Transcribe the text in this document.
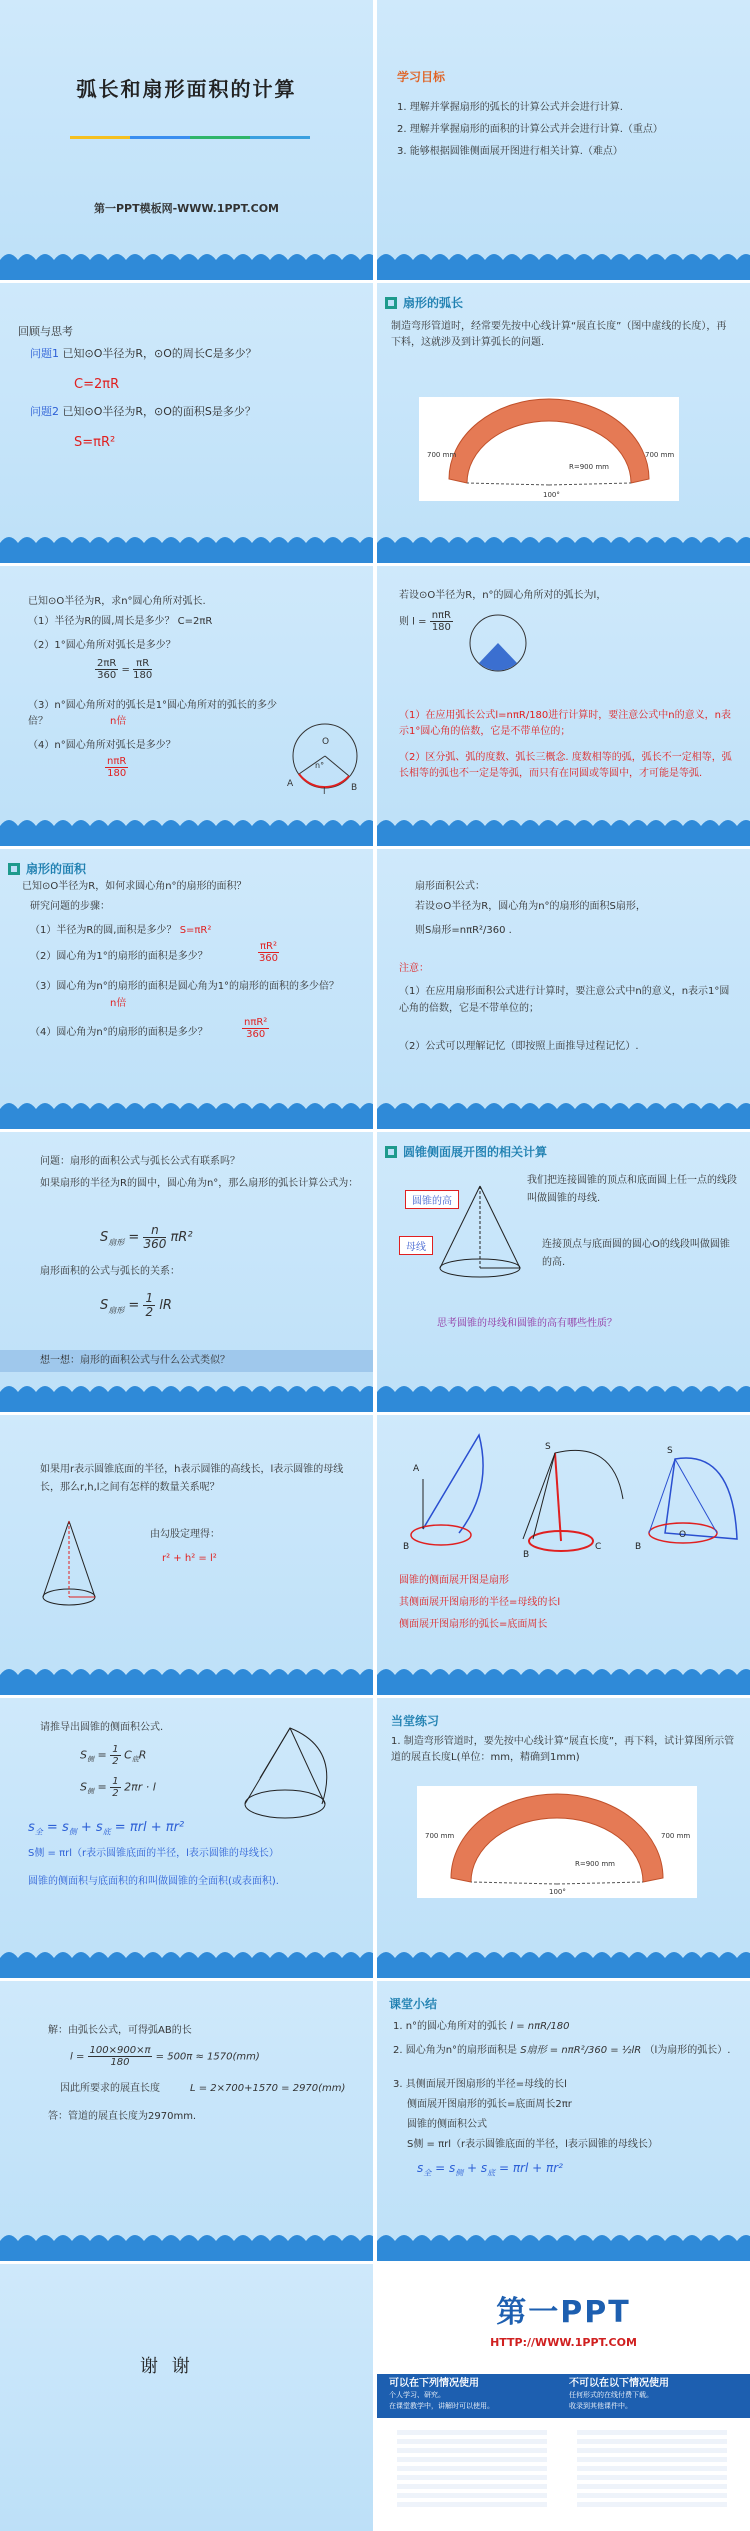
弧长和扇形面积的计算
第一PPT模板网-WWW.1PPT.COM
学习目标
1. 理解并掌握扇形的弧长的计算公式并会进行计算.
2. 理解并掌握扇形的面积的计算公式并会进行计算.（重点）
3. 能够根据圆锥侧面展开图进行相关计算.（难点）
回顾与思考
问题1 已知⊙O半径为R，⊙O的周长C是多少？
C=2πR
问题2 已知⊙O半径为R，⊙O的面积S是多少？
S=πR²
扇形的弧长
制造弯形管道时，经常要先按中心线计算“展直长度”（图中虚线的长度），再下料，这就涉及到计算弧长的问题.
700 mm	700 mm
R=900 mm
100°
已知⊙O半径为R，求n°圆心角所对弧长.
（1）半径为R的圆,周长是多少？ C=2πR
（2）1°圆心角所对弧长是多少？
$\frac{2\pi R}{360} = \frac{\pi R}{180}$
（3）n°圆心角所对的弧长是1°圆心角所对的弧长的多少倍？	n倍
（4）n°圆心角所对弧长是多少？
$\frac{\text{nπR}}{180}$
O
n°
A	B
l
若设⊙O半径为R，n°的圆心角所对的弧长为l，
则 $l = \frac{\text{nπR}}{180}$
（1）在应用弧长公式l=nπR/180进行计算时，要注意公式中n的意义，n表示1°圆心角的倍数，它是不带单位的；
（2）区分弧、弧的度数、弧长三概念. 度数相等的弧，弧长不一定相等，弧长相等的弧也不一定是等弧，而只有在同圆或等圆中，才可能是等弧.
扇形的面积
已知⊙O半径为R，如何求圆心角n°的扇形的面积？
研究问题的步骤：
（1）半径为R的圆,面积是多少？ S=πR²
（2）圆心角为1°的扇形的面积是多少？	$\frac{\text{πR²}}{360}$
（3）圆心角为n°的扇形的面积是圆心角为1°的扇形的面积的多少倍？
n倍
（4）圆心角为n°的扇形的面积是多少？	$\frac{\text{nπR²}}{360}$
扇形面积公式：
若设⊙O半径为R，圆心角为n°的扇形的面积S扇形，
则S扇形=nπR²/360 .
注意：
（1）在应用扇形面积公式进行计算时，要注意公式中n的意义，n表示1°圆心角的倍数，它是不带单位的；
（2）公式可以理解记忆（即按照上面推导过程记忆）.
问题：扇形的面积公式与弧长公式有联系吗？
如果扇形的半径为R的圆中，圆心角为n°，那么扇形的弧长计算公式为：
$S_{扇形} = \frac{n}{360} \pi R^2$
扇形面积的公式与弧长的关系：
$S_{扇形} = \frac{1}{2}$ lR
想一想：扇形的面积公式与什么公式类似？
圆锥侧面展开图的相关计算
圆锥的高
母线
我们把连接圆锥的顶点和底面圆上任一点的线段叫做圆锥的母线.
连接顶点与底面圆的圆心O的线段叫做圆锥的高.
思考圆锥的母线和圆锥的高有哪些性质？
如果用r表示圆锥底面的半径，h表示圆锥的高线长，l表示圆锥的母线长，那么r,h,l之间有怎样的数量关系呢？
由勾股定理得：
r² + h² = l²
A
B
S
B
C
S
B
O
圆锥的侧面展开图是扇形
其侧面展开图扇形的半径=母线的长l
侧面展开图扇形的弧长=底面周长
请推导出圆锥的侧面积公式.
$S_侧 = \frac{1}{2} C_底R$
$S_侧 = \frac{1}{2} 2\pi r \cdot l$
$s_全 = s_侧 + s_底 = \pi rl + \pi r^2$
S侧 = πrl（r表示圆锥底面的半径，l表示圆锥的母线长）
圆锥的侧面积与底面积的和叫做圆锥的全面积(或表面积).
当堂练习
1. 制造弯形管道时，要先按中心线计算“展直长度”，再下料，试计算图所示管道的展直长度L(单位：mm，精确到1mm)
700 mm	700 mm
R=900 mm
100°
解：由弧长公式，可得弧AB的长
$l = \frac{100\times 900\times\pi}{180} = 500\pi \approx 1570(mm)$
因此所要求的展直长度	L = 2×700+1570 = 2970(mm)
答：管道的展直长度为2970mm.
课堂小结
1. n°的圆心角所对的弧长 l = nπR/180
2. 圆心角为n°的扇形面积是 S扇形 = nπR²/360 = ½lR （l为扇形的弧长）.
3. 具侧面展开图扇形的半径=母线的长l
侧面展开图扇形的弧长=底面周长2πr
圆锥的侧面积公式
S侧 = πrl（r表示圆锥底面的半径，l表示圆锥的母线长）
$s_全 = s_侧 + s_底 = \pi rl + \pi r^2$
谢 谢
第一PPT
HTTP://WWW.1PPT.COM
可以在下列情况使用
个人学习、研究。
在课堂教学中，讲解时可以使用。
不可以在以下情况使用
任何形式的在线付费下载。
收录到其他课件中。
